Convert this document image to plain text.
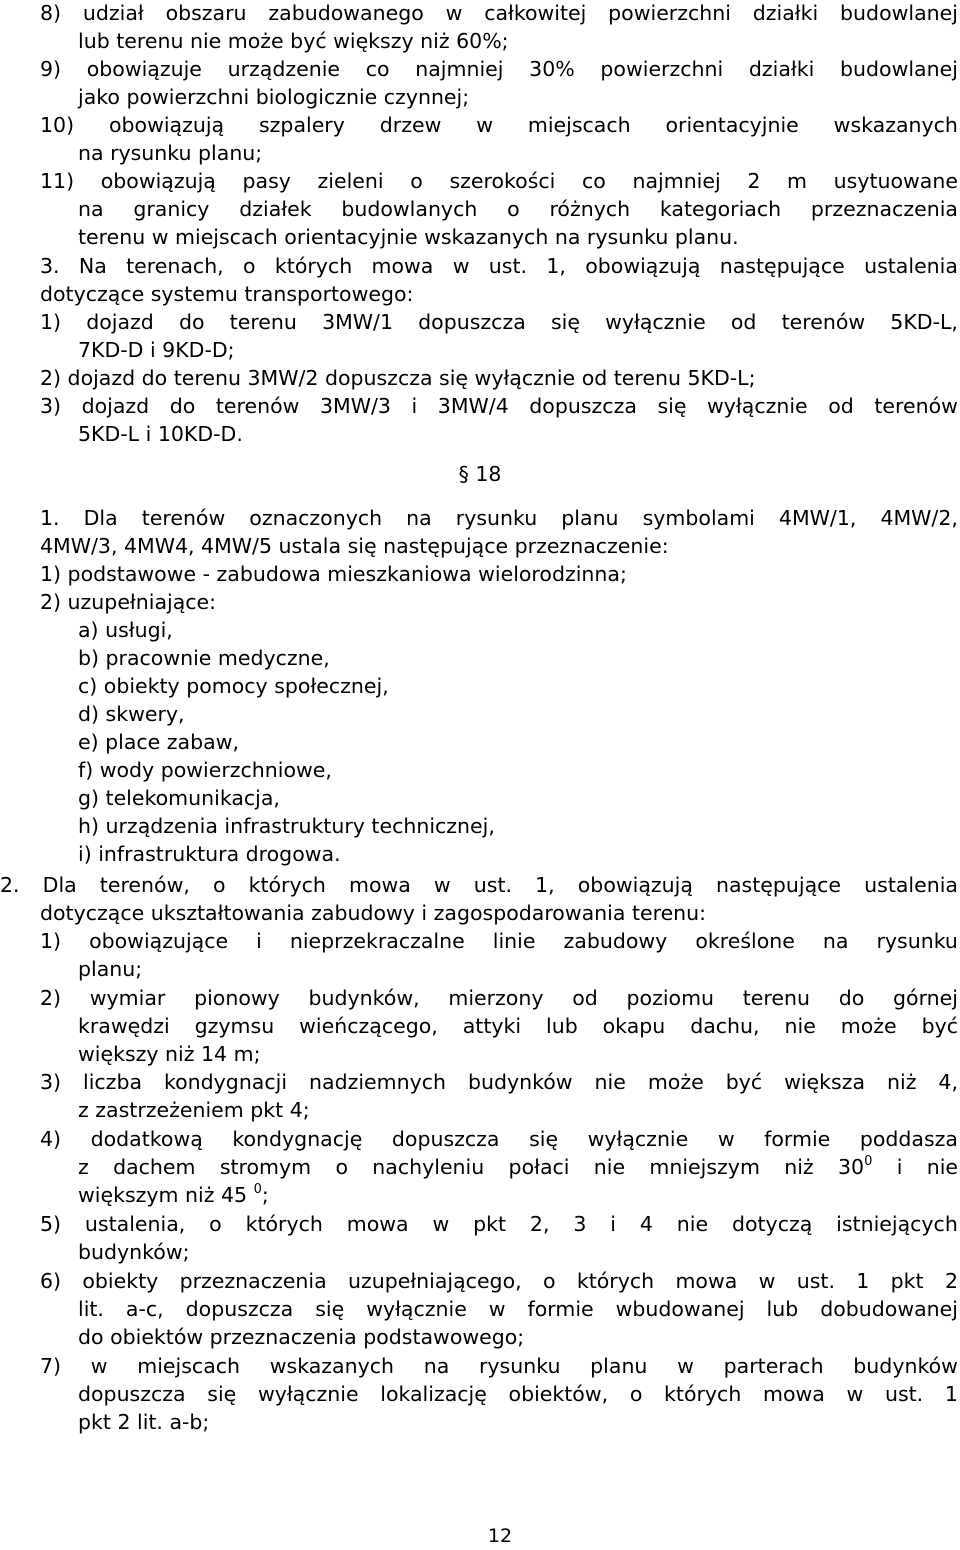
8) udział obszaru zabudowanego w całkowitej powierzchni działki budowlanej
lub terenu nie może być większy niż 60%;
9) obowiązuje urządzenie co najmniej 30% powierzchni działki budowlanej
jako powierzchni biologicznie czynnej;
10) obowiązują szpalery drzew w miejscach orientacyjnie wskazanych
na rysunku planu;
11) obowiązują pasy zieleni o szerokości co najmniej 2 m usytuowane
na granicy działek budowlanych o różnych kategoriach przeznaczenia
terenu w miejscach orientacyjnie wskazanych na rysunku planu.
3. Na terenach, o których mowa w ust. 1, obowiązują następujące ustalenia
dotyczące systemu transportowego:
1) dojazd do terenu 3MW/1 dopuszcza się wyłącznie od terenów 5KD-L,
7KD-D i 9KD-D;
2) dojazd do terenu 3MW/2 dopuszcza się wyłącznie od terenu 5KD-L;
3) dojazd do terenów 3MW/3 i 3MW/4 dopuszcza się wyłącznie od terenów
5KD-L i 10KD-D.
§ 18
1. Dla terenów oznaczonych na rysunku planu symbolami 4MW/1, 4MW/2,
4MW/3, 4MW4, 4MW/5 ustala się następujące przeznaczenie:
1) podstawowe - zabudowa mieszkaniowa wielorodzinna;
2) uzupełniające:
a) usługi,
b) pracownie medyczne,
c) obiekty pomocy społecznej,
d) skwery,
e) place zabaw,
f) wody powierzchniowe,
g) telekomunikacja,
h) urządzenia infrastruktury technicznej,
i) infrastruktura drogowa.
2. Dla terenów, o których mowa w ust. 1, obowiązują następujące ustalenia
dotyczące ukształtowania zabudowy i zagospodarowania terenu:
1) obowiązujące i nieprzekraczalne linie zabudowy określone na rysunku
planu;
2) wymiar pionowy budynków, mierzony od poziomu terenu do górnej
krawędzi gzymsu wieńczącego, attyki lub okapu dachu, nie może być
większy niż 14 m;
3) liczba kondygnacji nadziemnych budynków nie może być większa niż 4,
z zastrzeżeniem pkt 4;
4) dodatkową kondygnację dopuszcza się wyłącznie w formie poddasza
z dachem stromym o nachyleniu połaci nie mniejszym niż $30^0$ i nie
większym niż 45 $^0$;
5) ustalenia, o których mowa w pkt 2, 3 i 4 nie dotyczą istniejących
budynków;
6) obiekty przeznaczenia uzupełniającego, o których mowa w ust. 1 pkt 2
lit. a-c, dopuszcza się wyłącznie w formie wbudowanej lub dobudowanej
do obiektów przeznaczenia podstawowego;
7) w miejscach wskazanych na rysunku planu w parterach budynków
dopuszcza się wyłącznie lokalizację obiektów, o których mowa w ust. 1
pkt 2 lit. a-b;
12
